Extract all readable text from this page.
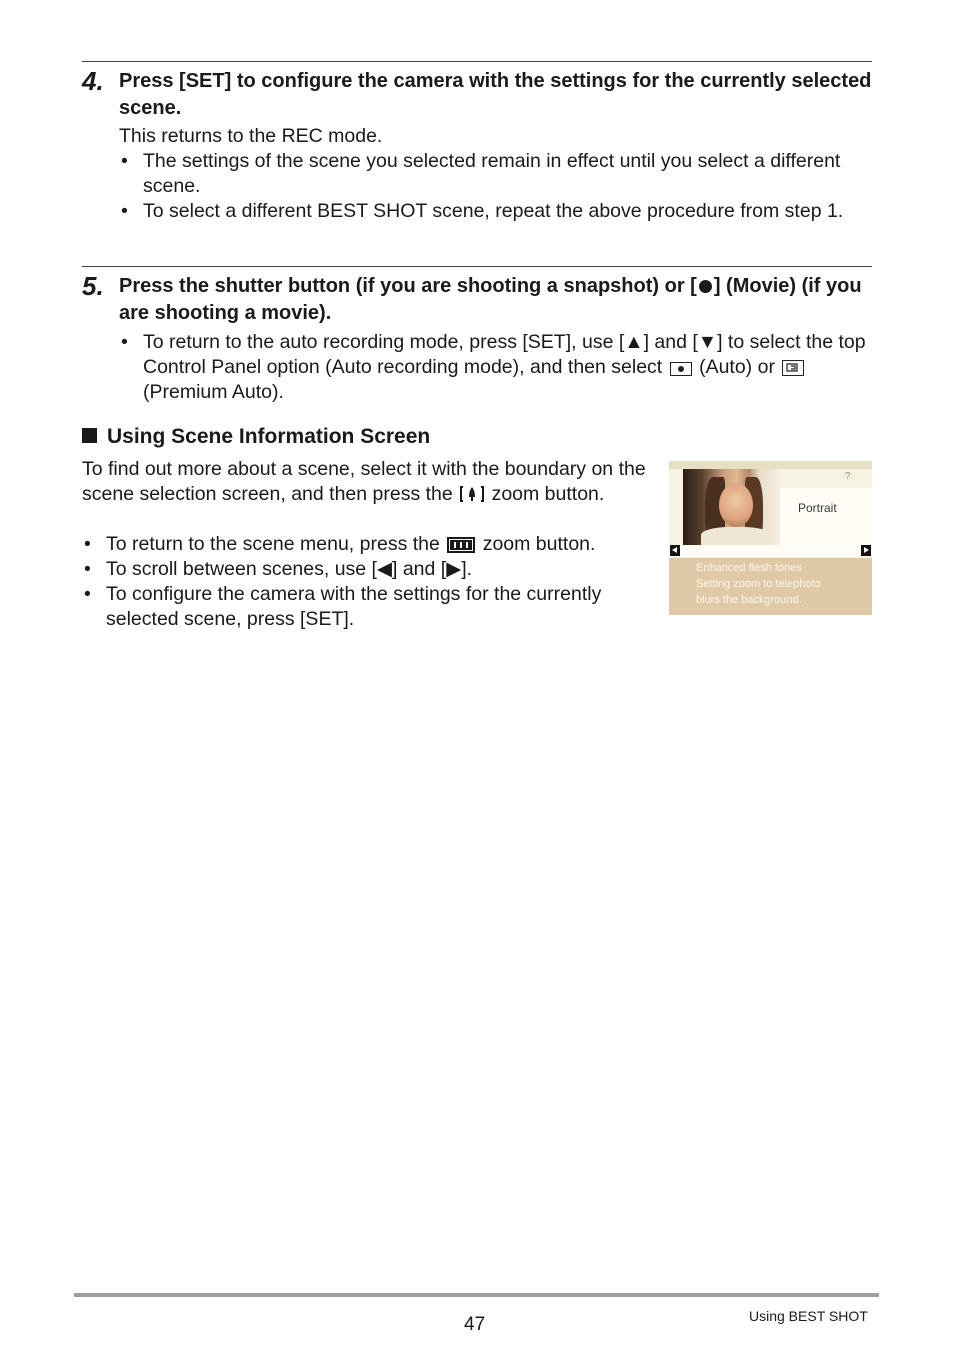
4. Press [SET] to configure the camera with the settings for the currently selected scene.
This returns to the REC mode.
• The settings of the scene you selected remain in effect until you select a different scene.
• To select a different BEST SHOT scene, repeat the above procedure from step 1.
5. Press the shutter button (if you are shooting a snapshot) or [ ] (Movie) (if you are shooting a movie).
• To return to the auto recording mode, press [SET], use [▲] and [▼] to select the top Control Panel option (Auto recording mode), and then select (Auto) or
(Premium Auto).
Using Scene Information Screen
To find out more about a scene, select it with the boundary on the scene selection screen, and then press the zoom button.
• To return to the scene menu, press the zoom button.
• To scroll between scenes, use [◀] and [▶].
• To configure the camera with the settings for the currently selected scene, press [SET].
?
Portrait
Enhanced flesh tones
Setting zoom to telephoto
blurs the background.
47	Using BEST SHOT
